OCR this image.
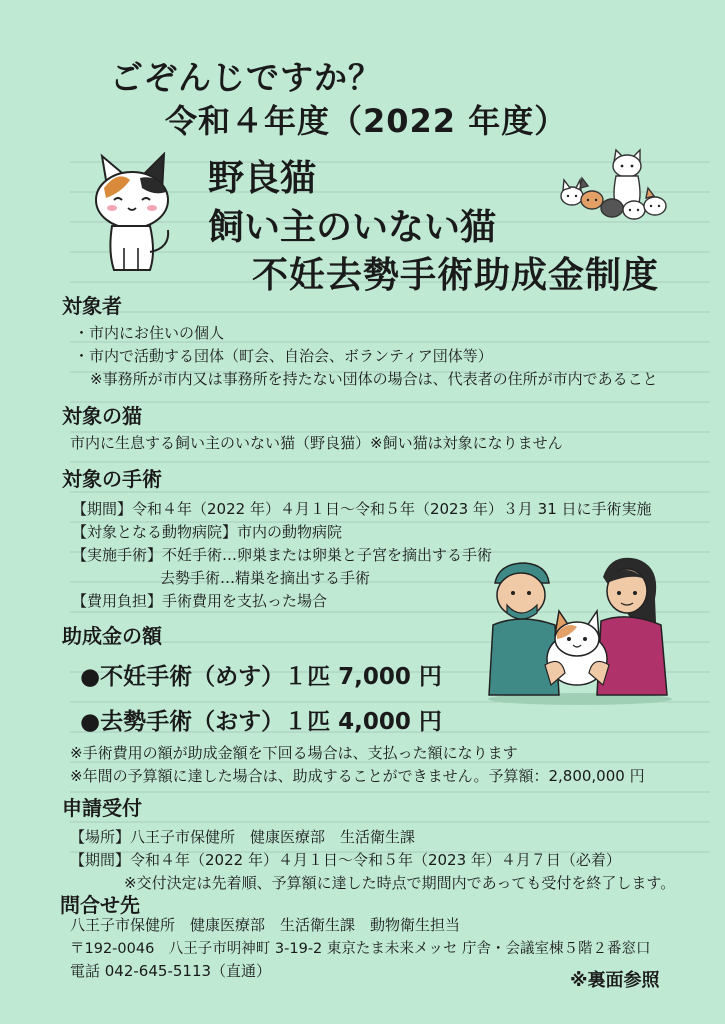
ごぞんじですか？
令和４年度（2022 年度）
野良猫
飼い主のいない猫
不妊去勢手術助成金制度
対象者
・市内にお住いの個人
・市内で活動する団体（町会、自治会、ボランティア団体等）
※事務所が市内又は事務所を持たない団体の場合は、代表者の住所が市内であること
対象の猫
市内に生息する飼い主のいない猫（野良猫）※飼い猫は対象になりません
対象の手術
【期間】令和４年（2022 年）４月１日～令和５年（2023 年）３月 31 日に手術実施
【対象となる動物病院】市内の動物病院
【実施手術】不妊手術…卵巣または卵巣と子宮を摘出する手術
去勢手術…精巣を摘出する手術
【費用負担】手術費用を支払った場合
助成金の額
●不妊手術（めす）１匹 7,000 円
●去勢手術（おす）１匹 4,000 円
※手術費用の額が助成金額を下回る場合は、支払った額になります
※年間の予算額に達した場合は、助成することができません。予算額：2,800,000 円
申請受付
【場所】八王子市保健所　健康医療部　生活衛生課
【期間】令和４年（2022 年）４月１日～令和５年（2023 年）４月７日（必着）
※交付決定は先着順、予算額に達した時点で期間内であっても受付を終了します。
問合せ先
八王子市保健所　健康医療部　生活衛生課　動物衛生担当
〒192-0046　八王子市明神町 3-19-2 東京たま未来メッセ 庁舎・会議室棟５階２番窓口
電話 042-645-5113（直通）	※裏面参照
